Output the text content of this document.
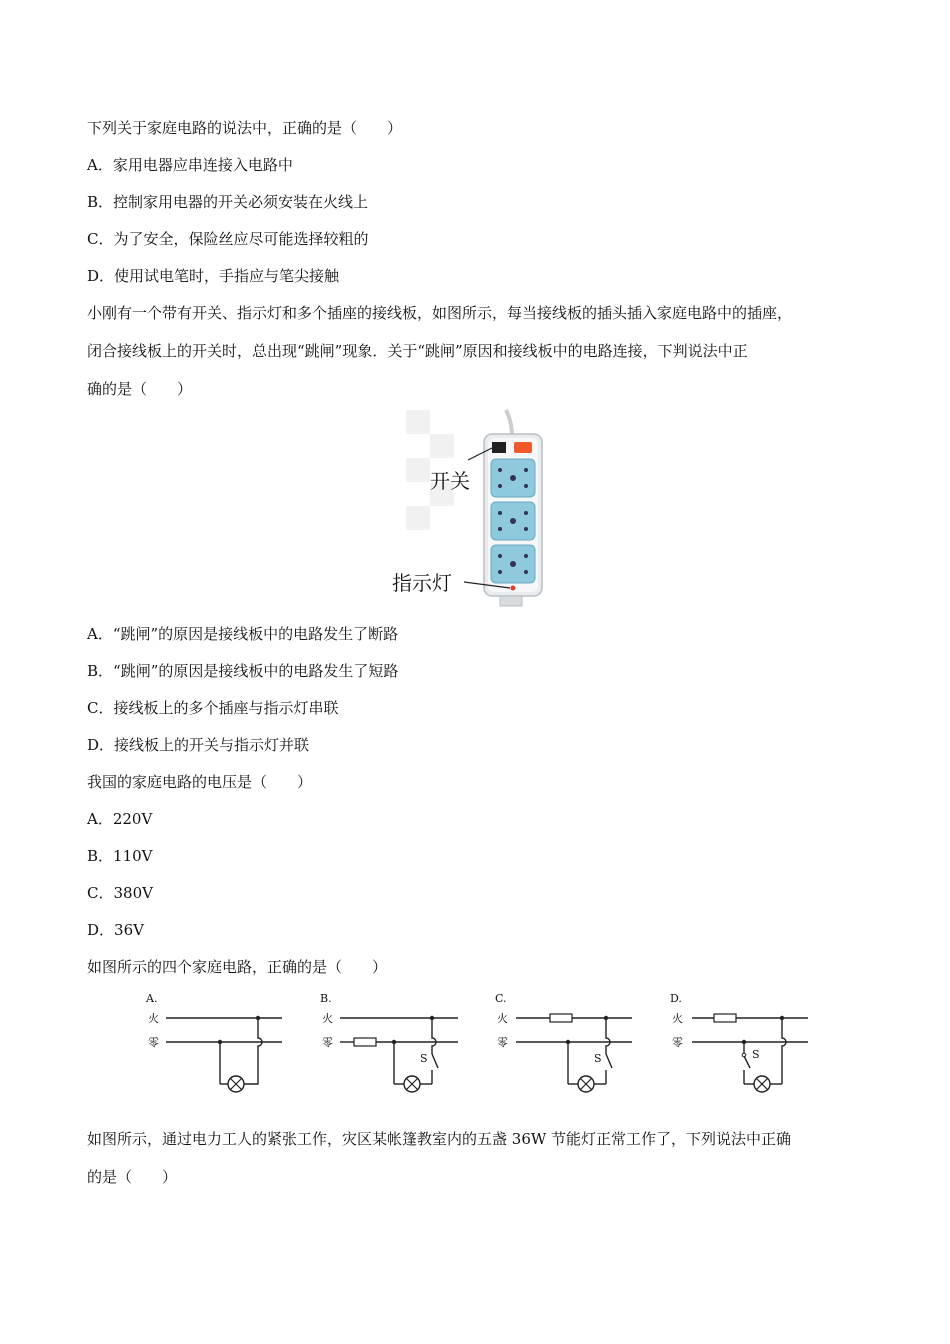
下列关于家庭电路的说法中，正确的是（　　）
A．家用电器应串连接入电路中
B．控制家用电器的开关必须安装在火线上
C．为了安全，保险丝应尽可能选择较粗的
D．使用试电笔时，手指应与笔尖接触
小刚有一个带有开关、指示灯和多个插座的接线板，如图所示，每当接线板的插头插入家庭电路中的插座，
闭合接线板上的开关时，总出现“跳闸”现象．关于“跳闸”原因和接线板中的电路连接，下判说法中正
确的是（　　）
开关
指示灯
A．“跳闸”的原因是接线板中的电路发生了断路
B．“跳闸”的原因是接线板中的电路发生了短路
C．接线板上的多个插座与指示灯串联
D．接线板上的开关与指示灯并联
我国的家庭电路的电压是（　　）
A．220V
B．110V
C．380V
D．36V
如图所示的四个家庭电路，正确的是（　　）
A.
火
零
B.
火
零
S
C.
火
零
S
D.
火
零
S
如图所示，通过电力工人的紧张工作，灾区某帐篷教室内的五盏 36W 节能灯正常工作了，下列说法中正确
的是（　　）
